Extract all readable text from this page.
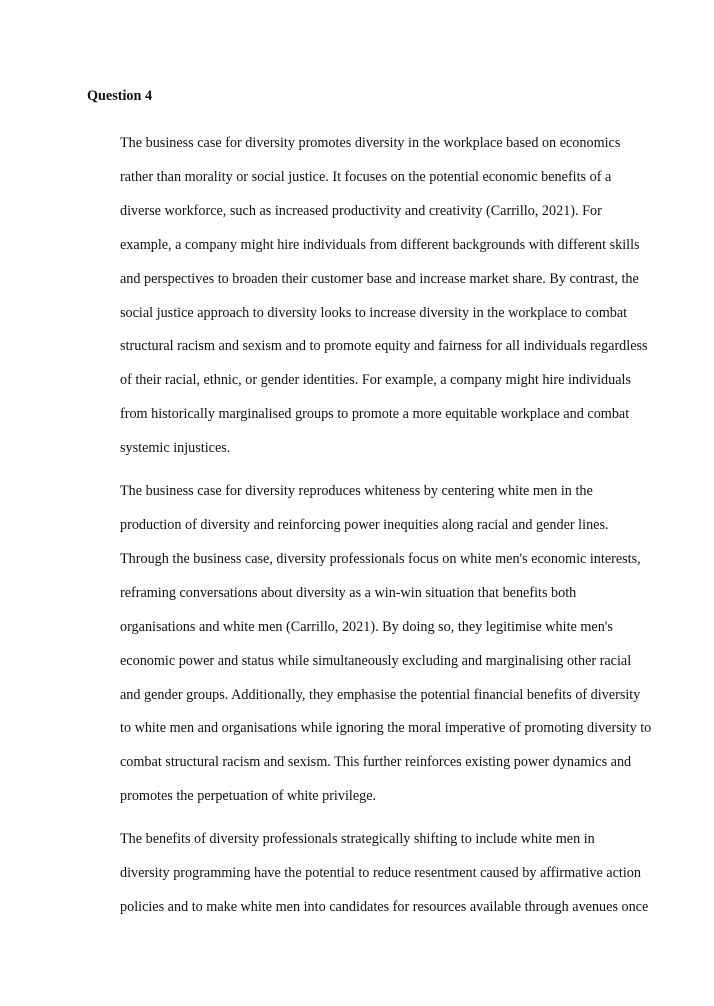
Question 4
The business case for diversity promotes diversity in the workplace based on economics
rather than morality or social justice. It focuses on the potential economic benefits of a
diverse workforce, such as increased productivity and creativity (Carrillo, 2021). For
example, a company might hire individuals from different backgrounds with different skills
and perspectives to broaden their customer base and increase market share. By contrast, the
social justice approach to diversity looks to increase diversity in the workplace to combat
structural racism and sexism and to promote equity and fairness for all individuals regardless
of their racial, ethnic, or gender identities. For example, a company might hire individuals
from historically marginalised groups to promote a more equitable workplace and combat
systemic injustices.
The business case for diversity reproduces whiteness by centering white men in the
production of diversity and reinforcing power inequities along racial and gender lines.
Through the business case, diversity professionals focus on white men's economic interests,
reframing conversations about diversity as a win-win situation that benefits both
organisations and white men (Carrillo, 2021). By doing so, they legitimise white men's
economic power and status while simultaneously excluding and marginalising other racial
and gender groups. Additionally, they emphasise the potential financial benefits of diversity
to white men and organisations while ignoring the moral imperative of promoting diversity to
combat structural racism and sexism. This further reinforces existing power dynamics and
promotes the perpetuation of white privilege.
The benefits of diversity professionals strategically shifting to include white men in
diversity programming have the potential to reduce resentment caused by affirmative action
policies and to make white men into candidates for resources available through avenues once
